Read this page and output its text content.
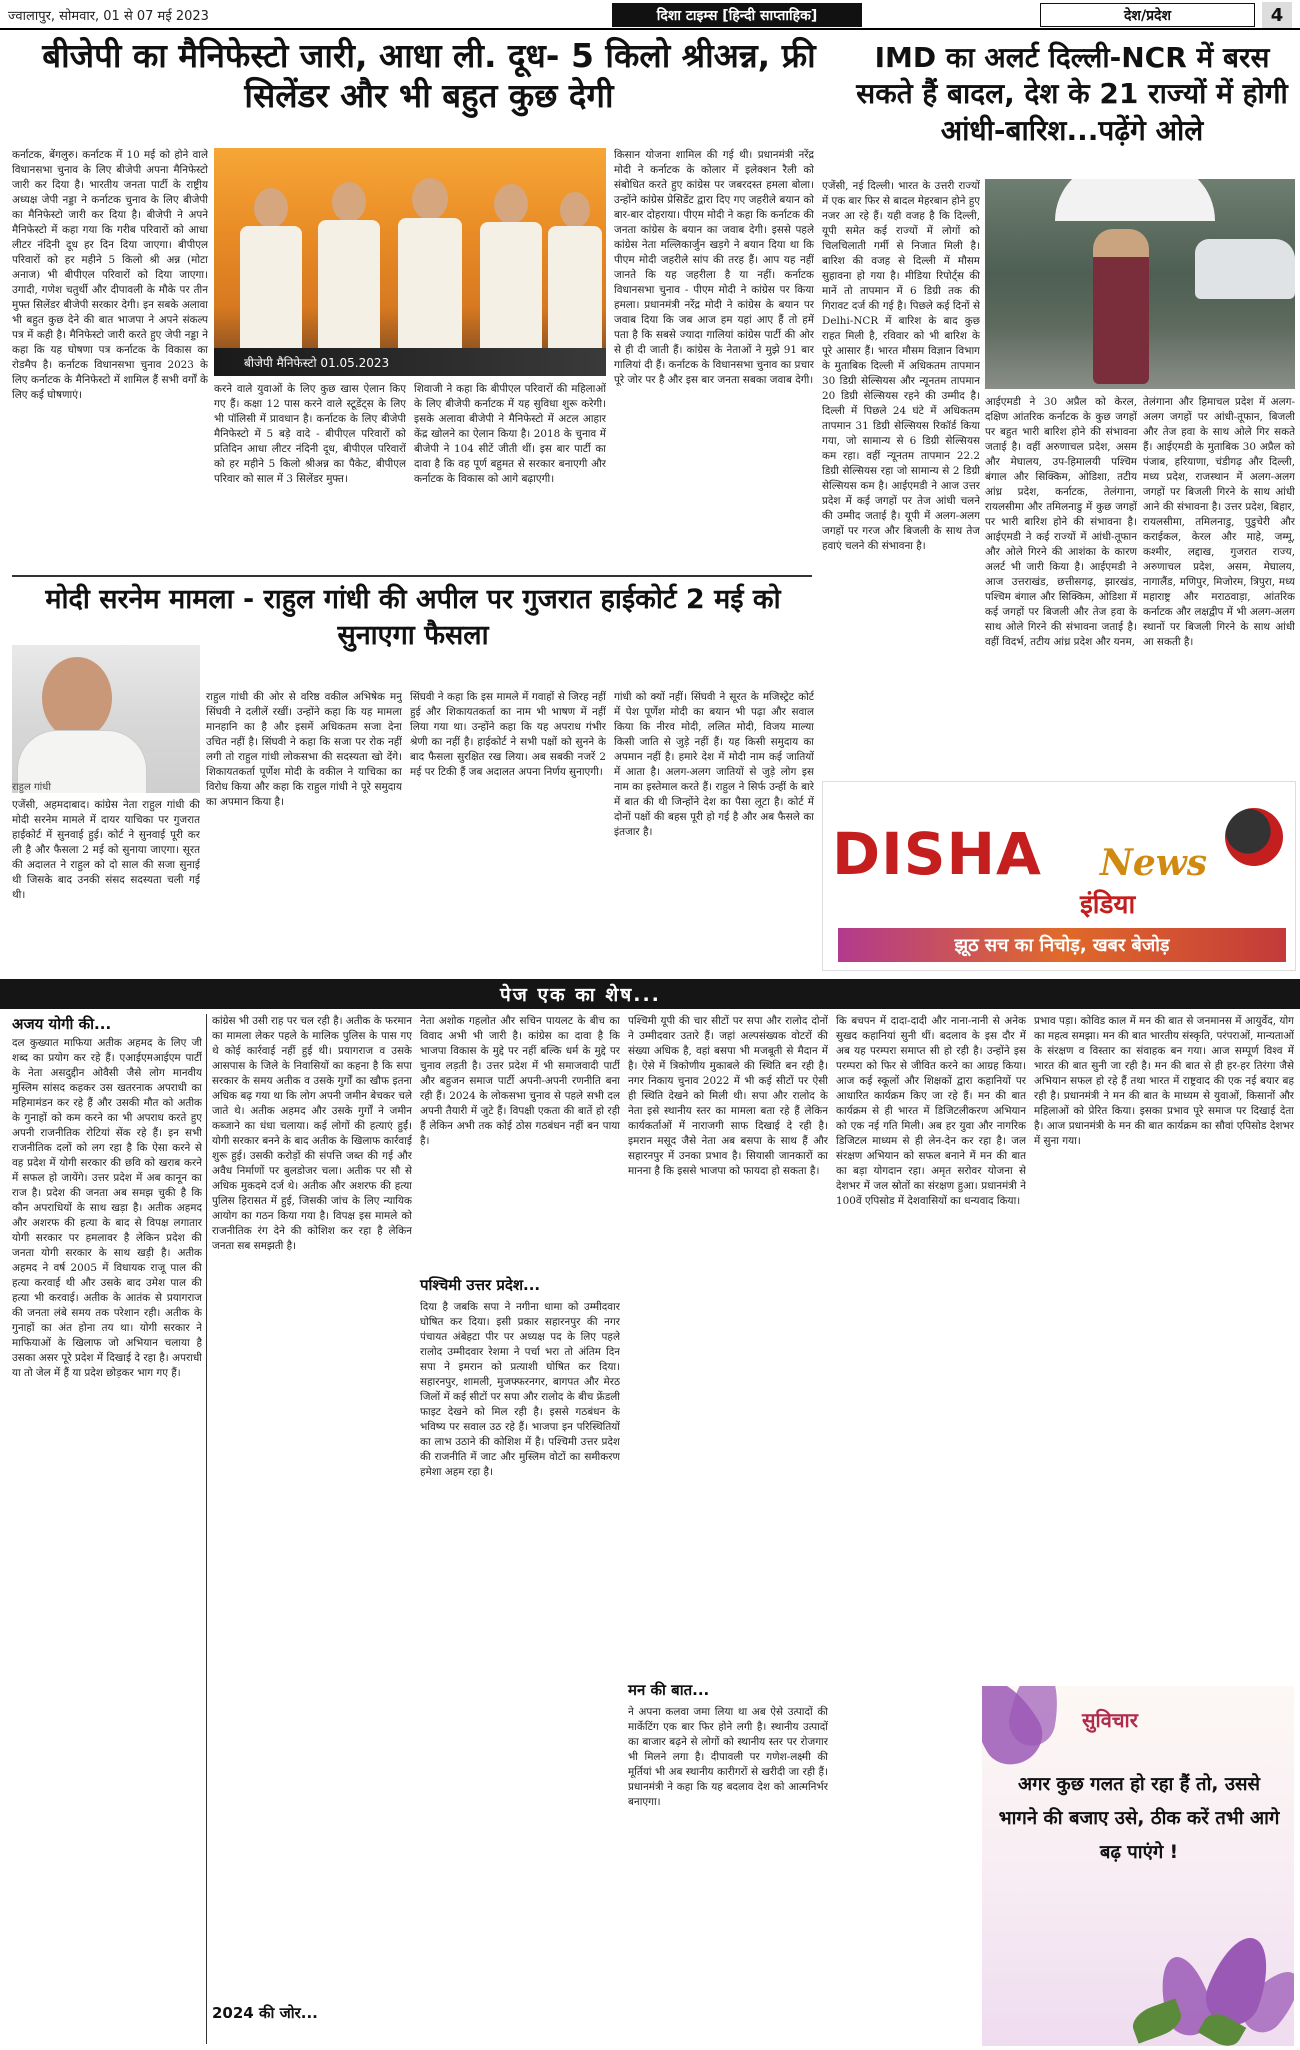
ज्वालापुर, सोमवार, 01 से 07 मई 2023	दिशा टाइम्स [हिन्दी साप्ताहिक]	देश/प्रदेश	4
बीजेपी का मैनिफेस्टो जारी, आधा ली. दूध- 5 किलो श्रीअन्न, फ्री सिलेंडर और भी बहुत कुछ देगी
कर्नाटक, बेंगलुरु। कर्नाटक में 10 मई को होने वाले विधानसभा चुनाव के लिए बीजेपी अपना मैनिफेस्टो जारी कर दिया है। भारतीय जनता पार्टी के राष्ट्रीय अध्यक्ष जेपी नड्डा ने कर्नाटक चुनाव के लिए बीजेपी का मैनिफेस्टो जारी कर दिया है। बीजेपी ने अपने मैनिफेस्टो में कहा गया कि गरीब परिवारों को आधा लीटर नंदिनी दूध हर दिन दिया जाएगा। बीपीएल परिवारों को हर महीने 5 किलो श्री अन्न (मोटा अनाज) भी बीपीएल परिवारों को दिया जाएगा। उगादी, गणेश चतुर्थी और दीपावली के मौके पर तीन मुफ्त सिलेंडर बीजेपी सरकार देगी। इन सबके अलावा भी बहुत कुछ देने की बात भाजपा ने अपने संकल्प पत्र में कही है। मैनिफेस्टो जारी करते हुए जेपी नड्डा ने कहा कि यह घोषणा पत्र कर्नाटक के विकास का रोडमैप है। कर्नाटक विधानसभा चुनाव 2023 के लिए कर्नाटक के मैनिफेस्टो में शामिल हैं सभी वर्गों के लिए कई घोषणाएं।
बीजेपी मैनिफेस्टो 01.05.2023
करने वाले युवाओं के लिए कुछ खास ऐलान किए गए हैं। कक्षा 12 पास करने वाले स्टूडेंट्स के लिए भी पॉलिसी में प्रावधान है। कर्नाटक के लिए बीजेपी मैनिफेस्टो में 5 बड़े वादे - बीपीएल परिवारों को प्रतिदिन आधा लीटर नंदिनी दूध, बीपीएल परिवारों को हर महीने 5 किलो श्रीअन्न का पैकेट, बीपीएल परिवार को साल में 3 सिलेंडर मुफ्त।
शिवाजी ने कहा कि बीपीएल परिवारों की महिलाओं के लिए बीजेपी कर्नाटक में यह सुविधा शुरू करेगी। इसके अलावा बीजेपी ने मैनिफेस्टो में अटल आहार केंद्र खोलने का ऐलान किया है। 2018 के चुनाव में बीजेपी ने 104 सीटें जीती थीं। इस बार पार्टी का दावा है कि वह पूर्ण बहुमत से सरकार बनाएगी और कर्नाटक के विकास को आगे बढ़ाएगी।
किसान योजना शामिल की गई थी। प्रधानमंत्री नरेंद्र मोदी ने कर्नाटक के कोलार में इलेक्शन रैली को संबोधित करते हुए कांग्रेस पर जबरदस्त हमला बोला। उन्होंने कांग्रेस प्रेसिडेंट द्वारा दिए गए जहरीले बयान को बार-बार दोहराया। पीएम मोदी ने कहा कि कर्नाटक की जनता कांग्रेस के बयान का जवाब देगी। इससे पहले कांग्रेस नेता मल्लिकार्जुन खड़गे ने बयान दिया था कि पीएम मोदी जहरीले सांप की तरह हैं। आप यह नहीं जानते कि यह जहरीला है या नहीं। कर्नाटक विधानसभा चुनाव - पीएम मोदी ने कांग्रेस पर किया हमला। प्रधानमंत्री नरेंद्र मोदी ने कांग्रेस के बयान पर जवाब दिया कि जब आज हम यहां आए हैं तो हमें पता है कि सबसे ज्यादा गालियां कांग्रेस पार्टी की ओर से ही दी जाती हैं। कांग्रेस के नेताओं ने मुझे 91 बार गालियां दी हैं। कर्नाटक के विधानसभा चुनाव का प्रचार पूरे जोर पर है और इस बार जनता सबका जवाब देगी।
IMD का अलर्ट दिल्ली-NCR में बरस सकते हैं बादल, देश के 21 राज्यों में होगी आंधी-बारिश...पढ़ेंगे ओले
एजेंसी, नई दिल्ली। भारत के उत्तरी राज्यों में एक बार फिर से बादल मेहरबान होने हुए नजर आ रहे हैं। यही वजह है कि दिल्ली, यूपी समेत कई राज्यों में लोगों को चिलचिलाती गर्मी से निजात मिली है। बारिश की वजह से दिल्ली में मौसम सुहावना हो गया है। मीडिया रिपोर्ट्स की मानें तो तापमान में 6 डिग्री तक की गिरावट दर्ज की गई है। पिछले कई दिनों से Delhi-NCR में बारिश के बाद कुछ राहत मिली है, रविवार को भी बारिश के पूरे आसार हैं। भारत मौसम विज्ञान विभाग के मुताबिक दिल्ली में अधिकतम तापमान 30 डिग्री सेल्सियस और न्यूनतम तापमान 20 डिग्री सेल्सियस रहने की उम्मीद है। दिल्ली में पिछले 24 घंटे में अधिकतम तापमान 31 डिग्री सेल्सियस रिकॉर्ड किया गया, जो सामान्य से 6 डिग्री सेल्सियस कम रहा। वहीं न्यूनतम तापमान 22.2 डिग्री सेल्सियस रहा जो सामान्य से 2 डिग्री सेल्सियस कम है। आईएमडी ने आज उत्तर प्रदेश में कई जगहों पर तेज आंधी चलने की उम्मीद जताई है। यूपी में अलग-अलग जगहों पर गरज और बिजली के साथ तेज हवाएं चलने की संभावना है।
आईएमडी ने 30 अप्रैल को केरल, दक्षिण आंतरिक कर्नाटक के कुछ जगहों पर बहुत भारी बारिश होने की संभावना जताई है। वहीं अरुणाचल प्रदेश, असम और मेघालय, उप-हिमालयी पश्चिम बंगाल और सिक्किम, ओडिशा, तटीय आंध्र प्रदेश, कर्नाटक, तेलंगाना, रायलसीमा और तमिलनाडु में कुछ जगहों पर भारी बारिश होने की संभावना है। आईएमडी ने कई राज्यों में आंधी-तूफान और ओले गिरने की आशंका के कारण अलर्ट भी जारी किया है। आईएमडी ने आज उत्तराखंड, छत्तीसगढ़, झारखंड, पश्चिम बंगाल और सिक्किम, ओडिशा में कई जगहों पर बिजली और तेज हवा के साथ ओले गिरने की संभावना जताई है। वहीं विदर्भ, तटीय आंध्र प्रदेश और यनम,
तेलंगाना और हिमाचल प्रदेश में अलग-अलग जगहों पर आंधी-तूफान, बिजली और तेज हवा के साथ ओले गिर सकते हैं। आईएमडी के मुताबिक 30 अप्रैल को पंजाब, हरियाणा, चंडीगढ़ और दिल्ली, मध्य प्रदेश, राजस्थान में अलग-अलग जगहों पर बिजली गिरने के साथ आंधी आने की संभावना है। उत्तर प्रदेश, बिहार, रायलसीमा, तमिलनाडु, पुडुचेरी और कराईकल, केरल और माहे, जम्मू, कश्मीर, लद्दाख, गुजरात राज्य, अरुणाचल प्रदेश, असम, मेघालय, नागालैंड, मणिपुर, मिजोरम, त्रिपुरा, मध्य महाराष्ट्र और मराठवाड़ा, आंतरिक कर्नाटक और लक्षद्वीप में भी अलग-अलग स्थानों पर बिजली गिरने के साथ आंधी आ सकती है।
मोदी सरनेम मामला - राहुल गांधी की अपील पर गुजरात हाईकोर्ट 2 मई को सुनाएगा फैसला
राहुल गांधी
एजेंसी, अहमदाबाद। कांग्रेस नेता राहुल गांधी की मोदी सरनेम मामले में दायर याचिका पर गुजरात हाईकोर्ट में सुनवाई हुई। कोर्ट ने सुनवाई पूरी कर ली है और फैसला 2 मई को सुनाया जाएगा। सूरत की अदालत ने राहुल को दो साल की सजा सुनाई थी जिसके बाद उनकी संसद सदस्यता चली गई थी।
राहुल गांधी की ओर से वरिष्ठ वकील अभिषेक मनु सिंघवी ने दलीलें रखीं। उन्होंने कहा कि यह मामला मानहानि का है और इसमें अधिकतम सजा देना उचित नहीं है। सिंघवी ने कहा कि सजा पर रोक नहीं लगी तो राहुल गांधी लोकसभा की सदस्यता खो देंगे। शिकायतकर्ता पूर्णेश मोदी के वकील ने याचिका का विरोध किया और कहा कि राहुल गांधी ने पूरे समुदाय का अपमान किया है।
सिंघवी ने कहा कि इस मामले में गवाहों से जिरह नहीं हुई और शिकायतकर्ता का नाम भी भाषण में नहीं लिया गया था। उन्होंने कहा कि यह अपराध गंभीर श्रेणी का नहीं है। हाईकोर्ट ने सभी पक्षों को सुनने के बाद फैसला सुरक्षित रख लिया। अब सबकी नजरें 2 मई पर टिकी हैं जब अदालत अपना निर्णय सुनाएगी।
गांधी को क्यों नहीं। सिंघवी ने सूरत के मजिस्ट्रेट कोर्ट में पेश पूर्णेश मोदी का बयान भी पढ़ा और सवाल किया कि नीरव मोदी, ललित मोदी, विजय माल्या किसी जाति से जुड़े नहीं हैं। यह किसी समुदाय का अपमान नहीं है। हमारे देश में मोदी नाम कई जातियों में आता है। अलग-अलग जातियों से जुड़े लोग इस नाम का इस्तेमाल करते हैं। राहुल ने सिर्फ उन्हीं के बारे में बात की थी जिन्होंने देश का पैसा लूटा है। कोर्ट में दोनों पक्षों की बहस पूरी हो गई है और अब फैसले का इंतजार है।	DISHA News
इंडिया
झूठ सच का निचोड़, खबर बेजोड़
पेज एक का शेष...
अजय योगी की...
दल कुख्यात माफिया अतीक अहमद के लिए जी शब्द का प्रयोग कर रहे हैं। एआईएमआईएम पार्टी के नेता असदुद्दीन ओवैसी जैसे लोग मानवीय मुस्लिम सांसद कहकर उस खतरनाक अपराधी का महिमामंडन कर रहे हैं और उसकी मौत को अतीक के गुनाहों को कम करने का भी अपराध करते हुए अपनी राजनीतिक रोटियां सेंक रहे हैं। इन सभी राजनीतिक दलों को लग रहा है कि ऐसा करने से वह प्रदेश में योगी सरकार की छवि को खराब करने में सफल हो जायेंगे। उत्तर प्रदेश में अब कानून का राज है। प्रदेश की जनता अब समझ चुकी है कि कौन अपराधियों के साथ खड़ा है। अतीक अहमद और अशरफ की हत्या के बाद से विपक्ष लगातार योगी सरकार पर हमलावर है लेकिन प्रदेश की जनता योगी सरकार के साथ खड़ी है। अतीक अहमद ने वर्ष 2005 में विधायक राजू पाल की हत्या करवाई थी और उसके बाद उमेश पाल की हत्या भी करवाई। अतीक के आतंक से प्रयागराज की जनता लंबे समय तक परेशान रही। अतीक के गुनाहों का अंत होना तय था। योगी सरकार ने माफियाओं के खिलाफ जो अभियान चलाया है उसका असर पूरे प्रदेश में दिखाई दे रहा है। अपराधी या तो जेल में हैं या प्रदेश छोड़कर भाग गए हैं।
कांग्रेस भी उसी राह पर चल रही है। अतीक के फरमान का मामला लेकर पहले के मालिक पुलिस के पास गए थे कोई कार्रवाई नहीं हुई थी। प्रयागराज व उसके आसपास के जिले के निवासियों का कहना है कि सपा सरकार के समय अतीक व उसके गुर्गों का खौफ इतना अधिक बढ़ गया था कि लोग अपनी जमीन बेचकर चले जाते थे। अतीक अहमद और उसके गुर्गों ने जमीन कब्जाने का धंधा चलाया। कई लोगों की हत्याएं हुईं। योगी सरकार बनने के बाद अतीक के खिलाफ कार्रवाई शुरू हुई। उसकी करोड़ों की संपत्ति जब्त की गई और अवैध निर्माणों पर बुलडोजर चला। अतीक पर सौ से अधिक मुकदमे दर्ज थे। अतीक और अशरफ की हत्या पुलिस हिरासत में हुई, जिसकी जांच के लिए न्यायिक आयोग का गठन किया गया है। विपक्ष इस मामले को राजनीतिक रंग देने की कोशिश कर रहा है लेकिन जनता सब समझती है।
2024 की जोर...
नेता अशोक गहलोत और सचिन पायलट के बीच का विवाद अभी भी जारी है। कांग्रेस का दावा है कि भाजपा विकास के मुद्दे पर नहीं बल्कि धर्म के मुद्दे पर चुनाव लड़ती है। उत्तर प्रदेश में भी समाजवादी पार्टी और बहुजन समाज पार्टी अपनी-अपनी रणनीति बना रही हैं। 2024 के लोकसभा चुनाव से पहले सभी दल अपनी तैयारी में जुटे हैं। विपक्षी एकता की बातें हो रही हैं लेकिन अभी तक कोई ठोस गठबंधन नहीं बन पाया है।
पश्चिमी उत्तर प्रदेश...
दिया है जबकि सपा ने नगीना धामा को उम्मीदवार घोषित कर दिया। इसी प्रकार सहारनपुर की नगर पंचायत अंबेहटा पीर पर अध्यक्ष पद के लिए पहले रालोद उम्मीदवार रेशमा ने पर्चा भरा तो अंतिम दिन सपा ने इमरान को प्रत्याशी घोषित कर दिया। सहारनपुर, शामली, मुजफ्फरनगर, बागपत और मेरठ जिलों में कई सीटों पर सपा और रालोद के बीच फ्रेंडली फाइट देखने को मिल रही है। इससे गठबंधन के भविष्य पर सवाल उठ रहे हैं। भाजपा इन परिस्थितियों का लाभ उठाने की कोशिश में है। पश्चिमी उत्तर प्रदेश की राजनीति में जाट और मुस्लिम वोटों का समीकरण हमेशा अहम रहा है।
पश्चिमी यूपी की चार सीटों पर सपा और रालोद दोनों ने उम्मीदवार उतारे हैं। जहां अल्पसंख्यक वोटरों की संख्या अधिक है, वहां बसपा भी मजबूती से मैदान में है। ऐसे में त्रिकोणीय मुकाबले की स्थिति बन रही है। नगर निकाय चुनाव 2022 में भी कई सीटों पर ऐसी ही स्थिति देखने को मिली थी। सपा और रालोद के नेता इसे स्थानीय स्तर का मामला बता रहे हैं लेकिन कार्यकर्ताओं में नाराजगी साफ दिखाई दे रही है। इमरान मसूद जैसे नेता अब बसपा के साथ हैं और सहारनपुर में उनका प्रभाव है। सियासी जानकारों का मानना है कि इससे भाजपा को फायदा हो सकता है।
मन की बात...
ने अपना कलवा जमा लिया था अब ऐसे उत्पादों की मार्केटिंग एक बार फिर होने लगी है। स्थानीय उत्पादों का बाजार बढ़ने से लोगों को स्थानीय स्तर पर रोजगार भी मिलने लगा है। दीपावली पर गणेश-लक्ष्मी की मूर्तियां भी अब स्थानीय कारीगरों से खरीदी जा रही हैं। प्रधानमंत्री ने कहा कि यह बदलाव देश को आत्मनिर्भर बनाएगा।
कि बचपन में दादा-दादी और नाना-नानी से अनेक सुखद कहानियां सुनी थीं। बदलाव के इस दौर में अब यह परम्परा समाप्त सी हो रही है। उन्होंने इस परम्परा को फिर से जीवित करने का आग्रह किया। आज कई स्कूलों और शिक्षकों द्वारा कहानियों पर आधारित कार्यक्रम किए जा रहे हैं। मन की बात कार्यक्रम से ही भारत में डिजिटलीकरण अभियान को एक नई गति मिली। अब हर युवा और नागरिक डिजिटल माध्यम से ही लेन-देन कर रहा है। जल संरक्षण अभियान को सफल बनाने में मन की बात का बड़ा योगदान रहा। अमृत सरोवर योजना से देशभर में जल स्रोतों का संरक्षण हुआ। प्रधानमंत्री ने 100वें एपिसोड में देशवासियों का धन्यवाद किया।
प्रभाव पड़ा। कोविड काल में मन की बात से जनमानस में आयुर्वेद, योग का महत्व समझा। मन की बात भारतीय संस्कृति, परंपराओं, मान्यताओं के संरक्षण व विस्तार का संवाहक बन गया। आज सम्पूर्ण विश्व में भारत की बात सुनी जा रही है। मन की बात से ही हर-हर तिरंगा जैसे अभियान सफल हो रहे हैं तथा भारत में राष्ट्रवाद की एक नई बयार बह रही है। प्रधानमंत्री ने मन की बात के माध्यम से युवाओं, किसानों और महिलाओं को प्रेरित किया। इसका प्रभाव पूरे समाज पर दिखाई देता है। आज प्रधानमंत्री के मन की बात कार्यक्रम का सौवां एपिसोड देशभर में सुना गया।
सुविचार
अगर कुछ गलत हो रहा हैं तो, उससे भागने की बजाए उसे, ठीक करें तभी आगे बढ़ पाएंगे !
